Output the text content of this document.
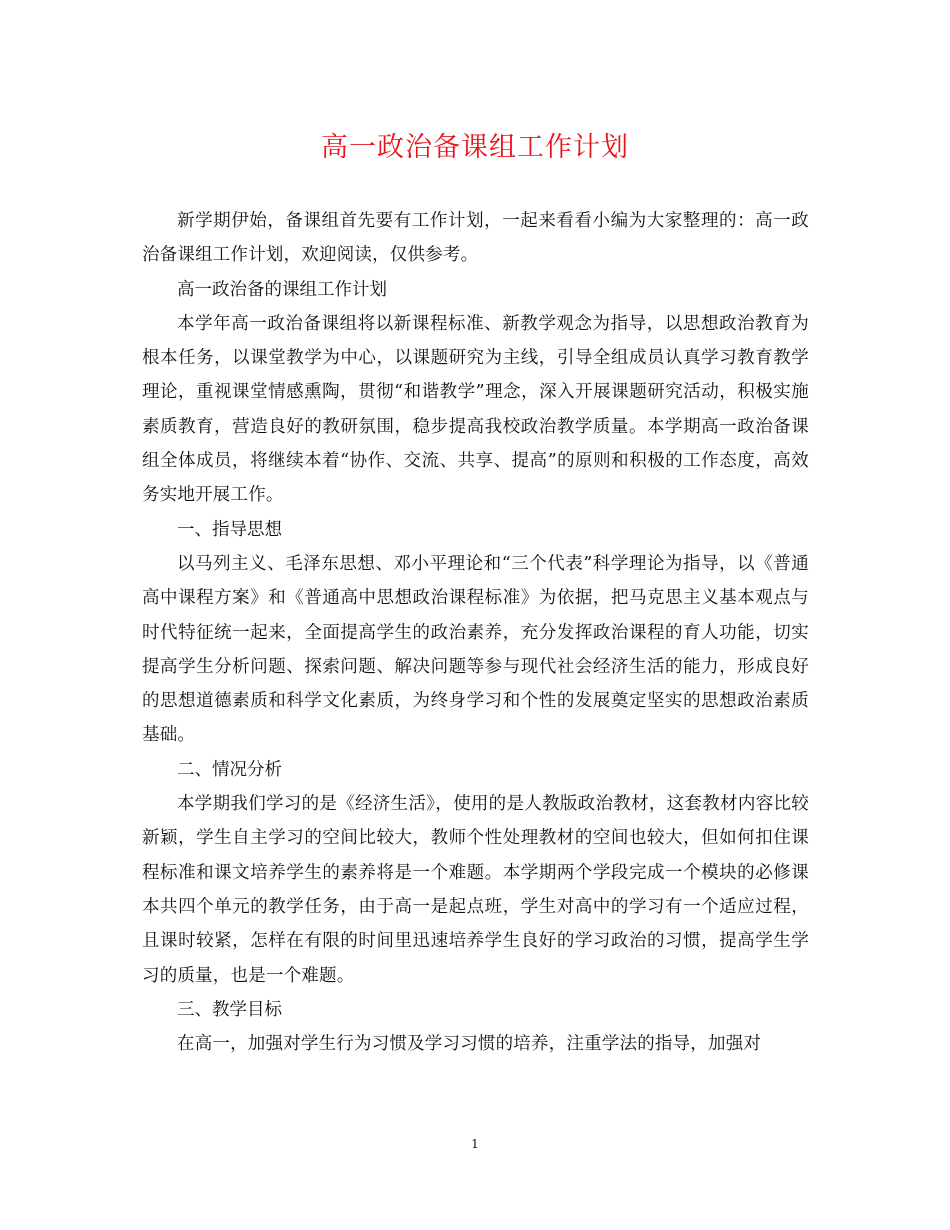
高一政治备课组工作计划

新学期伊始，备课组首先要有工作计划，一起来看看小编为大家整理的：高一政治备课组工作计划，欢迎阅读，仅供参考。

高一政治备的课组工作计划

本学年高一政治备课组将以新课程标准、新教学观念为指导，以思想政治教育为根本任务，以课堂教学为中心，以课题研究为主线，引导全组成员认真学习教育教学理论，重视课堂情感熏陶，贯彻“和谐教学”理念，深入开展课题研究活动，积极实施素质教育，营造良好的教研氛围，稳步提高我校政治教学质量。本学期高一政治备课组全体成员，将继续本着“协作、交流、共享、提高”的原则和积极的工作态度，高效务实地开展工作。

一、指导思想

以马列主义、毛泽东思想、邓小平理论和“三个代表”科学理论为指导，以《普通高中课程方案》和《普通高中思想政治课程标准》为依据，把马克思主义基本观点与时代特征统一起来，全面提高学生的政治素养，充分发挥政治课程的育人功能，切实提高学生分析问题、探索问题、解决问题等参与现代社会经济生活的能力，形成良好的思想道德素质和科学文化素质，为终身学习和个性的发展奠定坚实的思想政治素质基础。

二、情况分析

本学期我们学习的是《经济生活》，使用的是人教版政治教材，这套教材内容比较新颖，学生自主学习的空间比较大，教师个性处理教材的空间也较大，但如何扣住课程标准和课文培养学生的素养将是一个难题。本学期两个学段完成一个模块的必修课本共四个单元的教学任务，由于高一是起点班，学生对高中的学习有一个适应过程，且课时较紧，怎样在有限的时间里迅速培养学生良好的学习政治的习惯，提高学生学习的质量，也是一个难题。

三、教学目标

在高一，加强对学生行为习惯及学习习惯的培养，注重学法的指导，加强对

1
